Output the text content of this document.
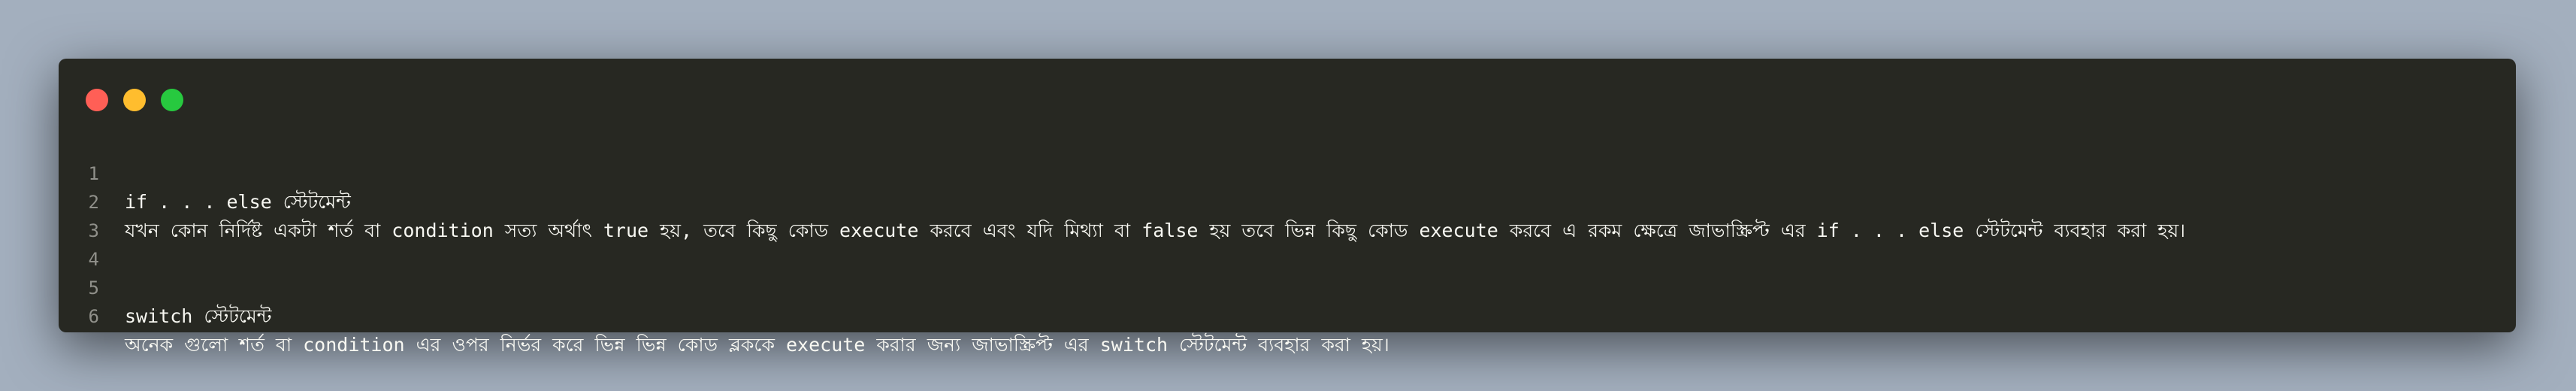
1

if . . . else স্টেটমেন্ট

2

যখন কোন নির্দিষ্ট একটা শর্ত বা condition সত্য অর্থাৎ true হয়, তবে কিছু কোড execute করবে এবং যদি মিথ্যা বা false হয় তবে ভিন্ন কিছু কোড execute করবে এ রকম ক্ষেত্রে জাভাস্ক্রিপ্ট এর if . . . else স্টেটমেন্ট ব্যবহার করা হয়।

3

4

5

switch স্টেটমেন্ট

6

অনেক গুলো শর্ত বা condition এর ওপর নির্ভর করে ভিন্ন ভিন্ন কোড ব্লককে execute করার জন্য জাভাস্ক্রিপ্ট এর switch স্টেটমেন্ট ব্যবহার করা হয়।
